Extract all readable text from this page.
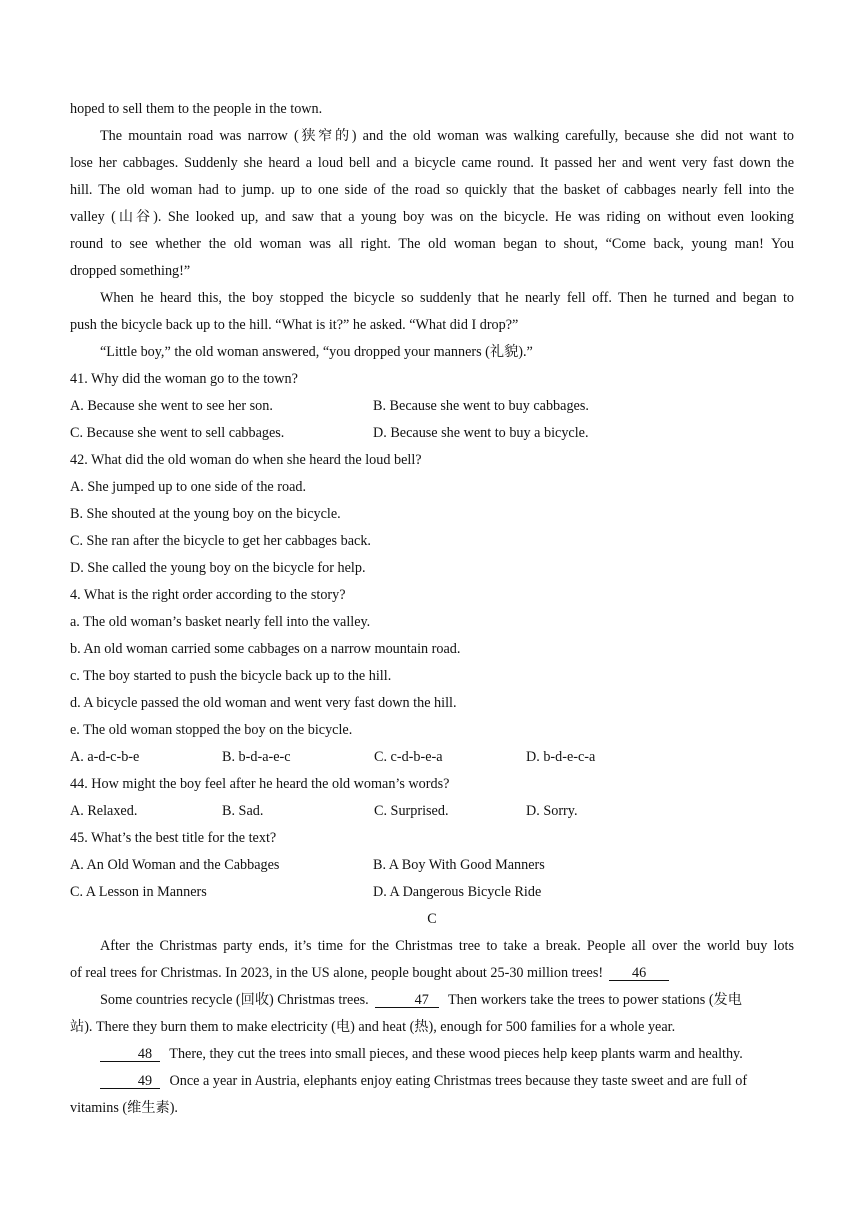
hoped to sell them to the people in the town.
The mountain road was narrow (狭窄的) and the old woman was walking carefully, because she did not want to
lose her cabbages. Suddenly she heard a loud bell and a bicycle came round. It passed her and went very fast down the
hill. The old woman had to jump. up to one side of the road so quickly that the basket of cabbages nearly fell into the
valley (山谷). She looked up, and saw that a young boy was on the bicycle. He was riding on without even looking
round to see whether the old woman was all right. The old woman began to shout, “Come back, young man! You
dropped something!”
When he heard this, the boy stopped the bicycle so suddenly that he nearly fell off. Then he turned and began to
push the bicycle back up to the hill. “What is it?” he asked. “What did I drop?”
“Little boy,” the old woman answered, “you dropped your manners (礼貌).”
41. Why did the woman go to the town?
A. Because she went to see her son.	B. Because she went to buy cabbages.
C. Because she went to sell cabbages.	D. Because she went to buy a bicycle.
42. What did the old woman do when she heard the loud bell?
A. She jumped up to one side of the road.
B. She shouted at the young boy on the bicycle.
C. She ran after the bicycle to get her cabbages back.
D. She called the young boy on the bicycle for help.
4. What is the right order according to the story?
a. The old woman’s basket nearly fell into the valley.
b. An old woman carried some cabbages on a narrow mountain road.
c. The boy started to push the bicycle back up to the hill.
d. A bicycle passed the old woman and went very fast down the hill.
e. The old woman stopped the boy on the bicycle.
A. a-d-c-b-e	B. b-d-a-e-c	C. c-d-b-e-a	D. b-d-e-c-a
44. How might the boy feel after he heard the old woman’s words?
A. Relaxed.	B. Sad.	C. Surprised.	D. Sorry.
45. What’s the best title for the text?
A. An Old Woman and the Cabbages	B. A Boy With Good Manners
C. A Lesson in Manners	D. A Dangerous Bicycle Ride
C
After the Christmas party ends, it’s time for the Christmas tree to take a break. People all over the world buy lots
of real trees for Christmas. In 2023, in the US alone, people bought about 25-30 million trees! 46
Some countries recycle (回收) Christmas trees.	47 Then workers take the trees to power stations (发电
站). There they burn them to make electricity (电) and heat (热), enough for 500 families for a whole year.
48 There, they cut the trees into small pieces, and these wood pieces help keep plants warm and healthy.
49 Once a year in Austria, elephants enjoy eating Christmas trees because they taste sweet and are full of
vitamins (维生素).
